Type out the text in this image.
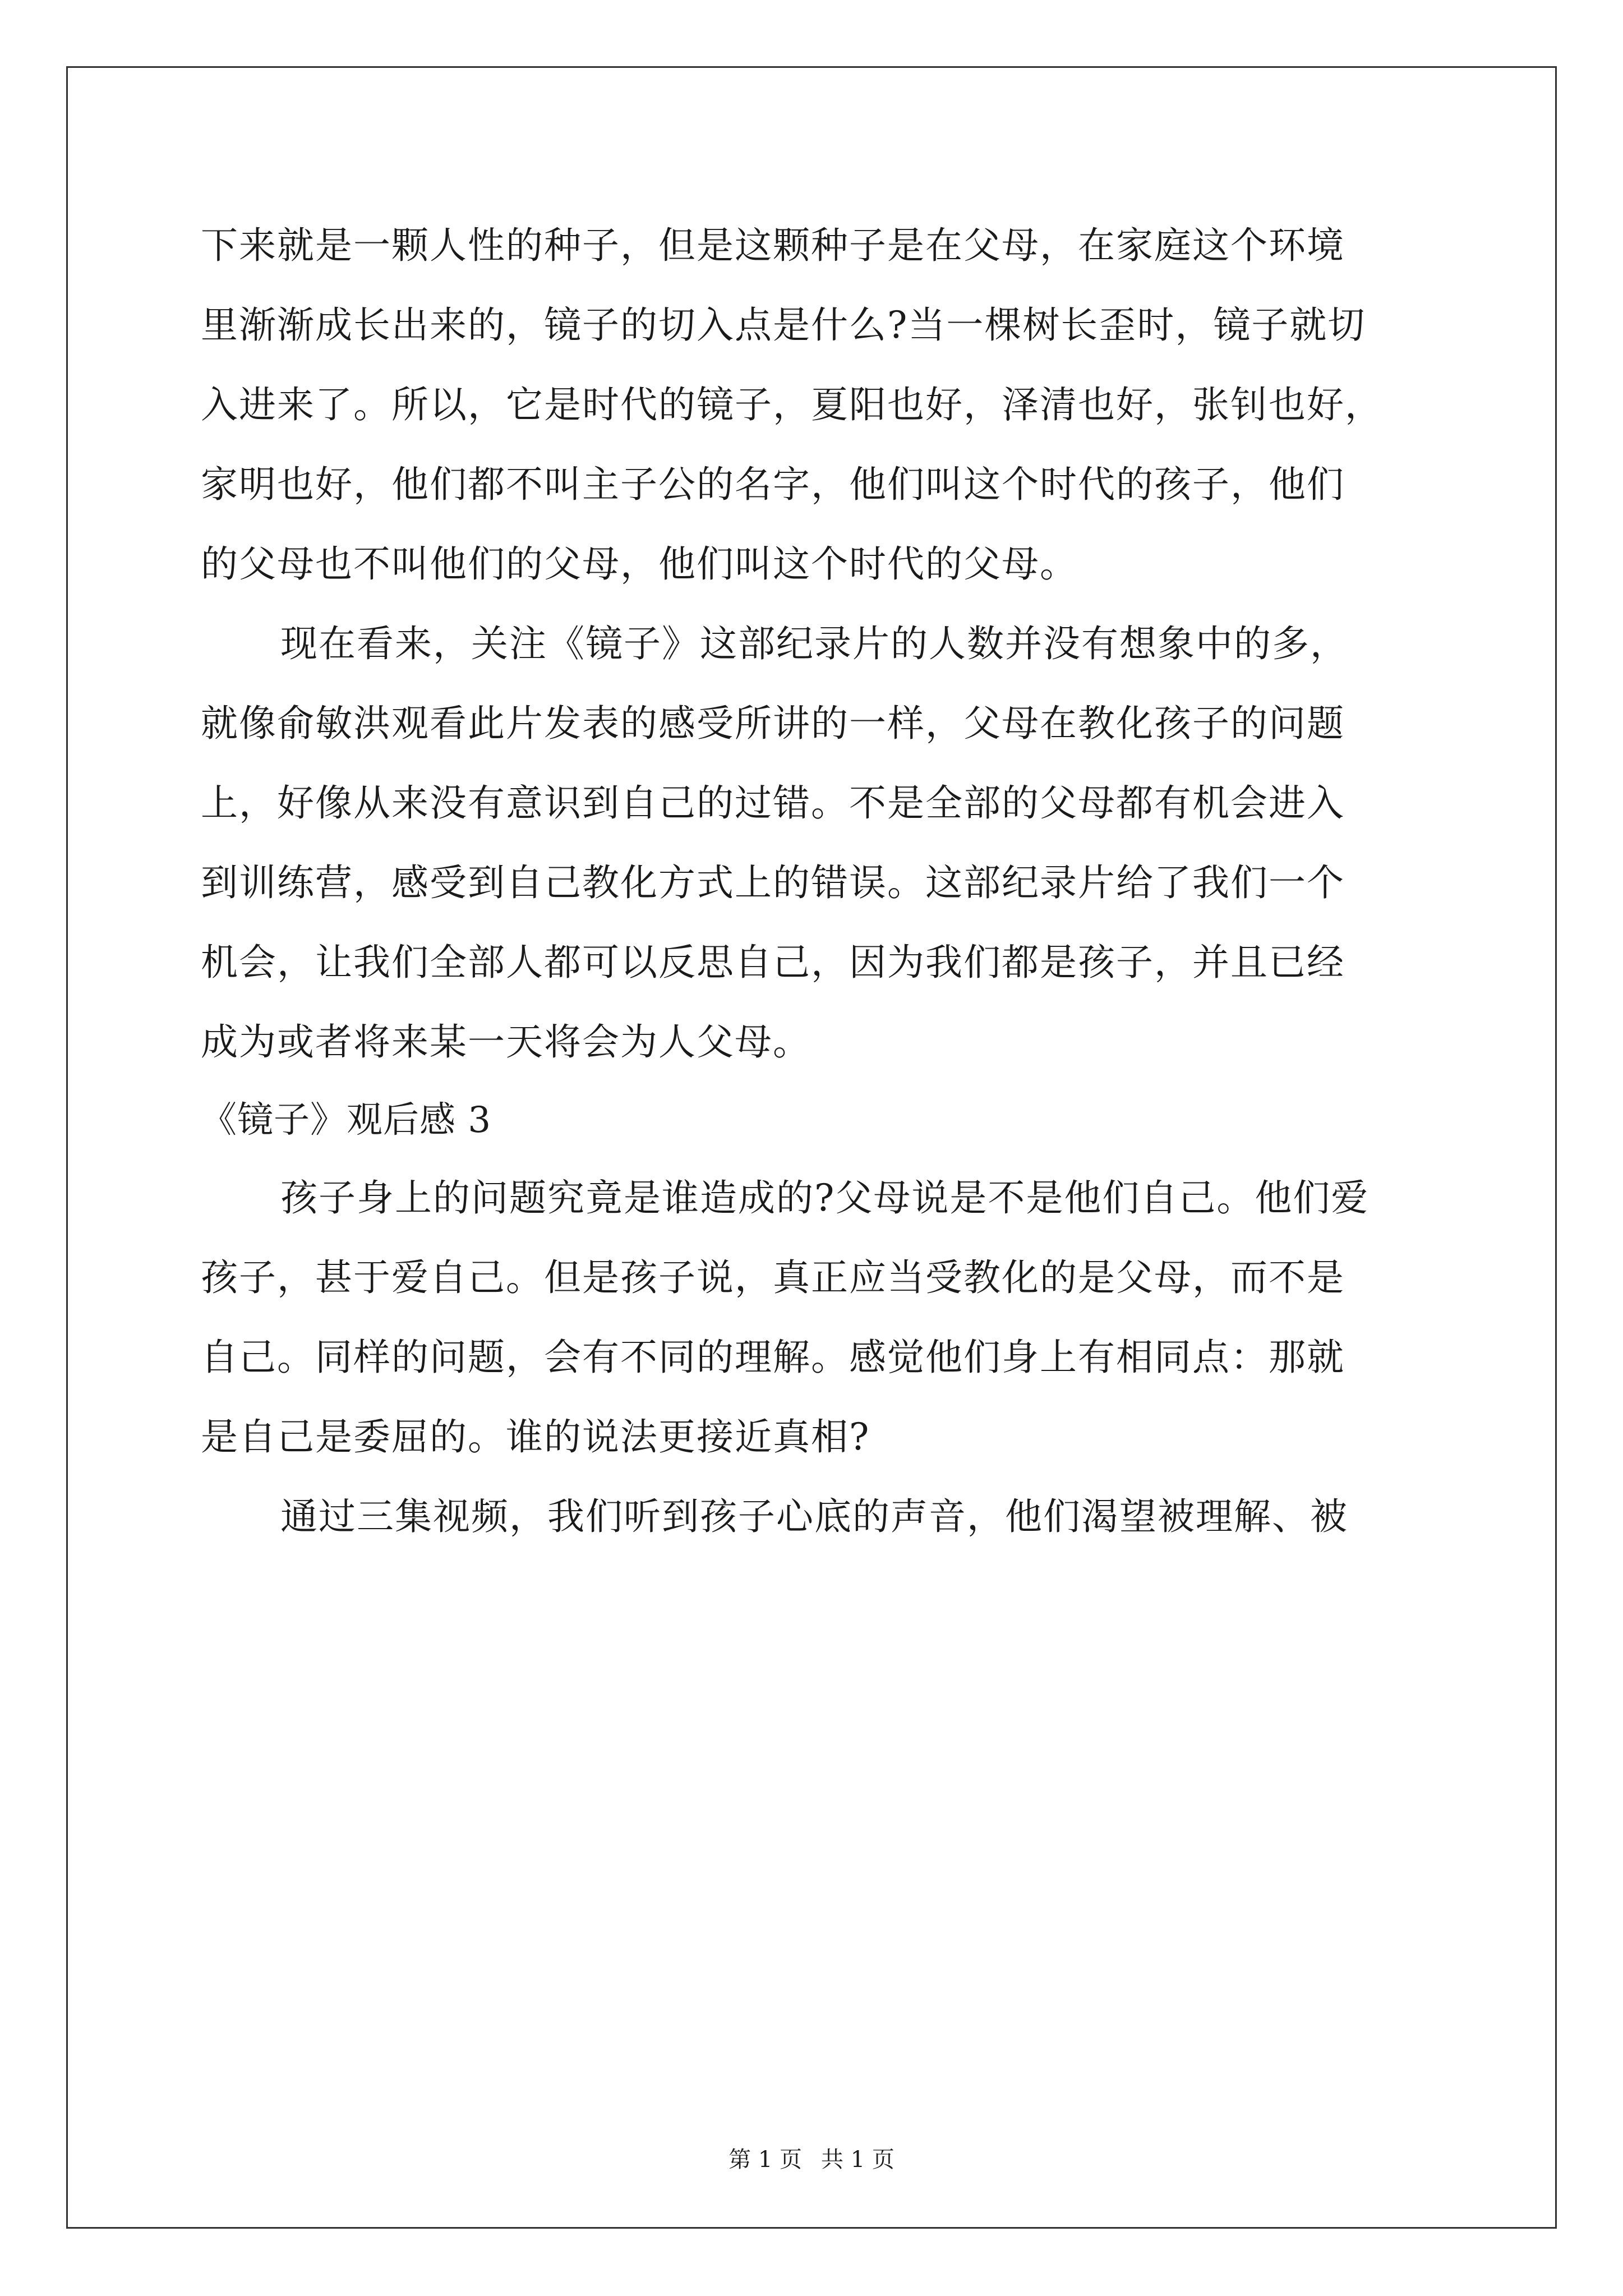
下来就是一颗人性的种子，但是这颗种子是在父母，在家庭这个环境
里渐渐成长出来的，镜子的切入点是什么?当一棵树长歪时，镜子就切
入进来了。所以，它是时代的镜子，夏阳也好，泽清也好，张钊也好，
家明也好，他们都不叫主子公的名字，他们叫这个时代的孩子，他们
的父母也不叫他们的父母，他们叫这个时代的父母。
现在看来，关注《镜子》这部纪录片的人数并没有想象中的多，
就像俞敏洪观看此片发表的感受所讲的一样，父母在教化孩子的问题
上，好像从来没有意识到自己的过错。不是全部的父母都有机会进入
到训练营，感受到自己教化方式上的错误。这部纪录片给了我们一个
机会，让我们全部人都可以反思自己，因为我们都是孩子，并且已经
成为或者将来某一天将会为人父母。
《镜子》观后感 3
孩子身上的问题究竟是谁造成的?父母说是不是他们自己。他们爱
孩子，甚于爱自己。但是孩子说，真正应当受教化的是父母，而不是
自己。同样的问题，会有不同的理解。感觉他们身上有相同点：那就
是自己是委屈的。谁的说法更接近真相?
通过三集视频，我们听到孩子心底的声音，他们渴望被理解、被
第 1 页 共 1 页
